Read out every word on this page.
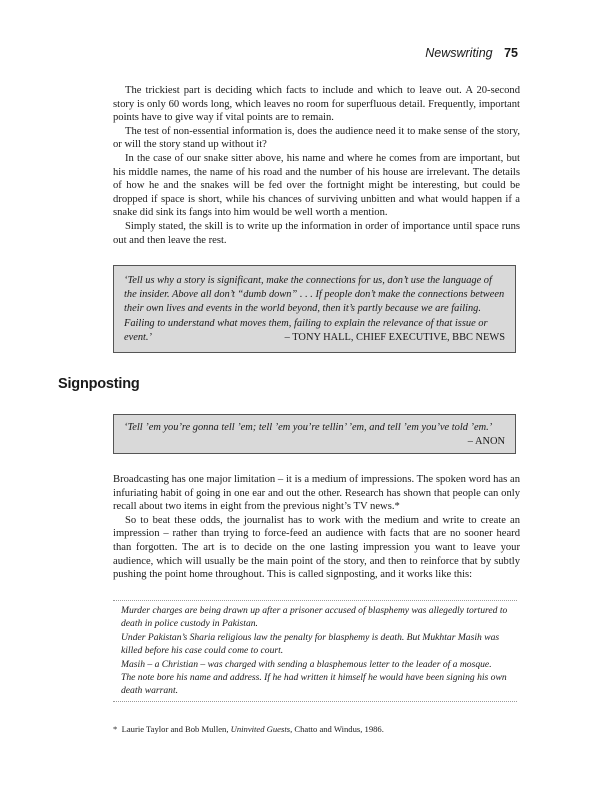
Newswriting 75

The trickiest part is deciding which facts to include and which to leave out. A 20-second story is only 60 words long, which leaves no room for superfluous detail. Frequently, important points have to give way if vital points are to remain.

The test of non-essential information is, does the audience need it to make sense of the story, or will the story stand up without it?

In the case of our snake sitter above, his name and where he comes from are important, but his middle names, the name of his road and the number of his house are irrelevant. The details of how he and the snakes will be fed over the fortnight might be interesting, but could be dropped if space is short, while his chances of surviving unbitten and what would happen if a snake did sink its fangs into him would be well worth a mention.

Simply stated, the skill is to write up the information in order of importance until space runs out and then leave the rest.

‘Tell us why a story is significant, make the connections for us, don’t use the language of the insider. Above all don’t “dumb down” . . . If people don’t make the connections between their own lives and events in the world beyond, then it’s partly because we are failing. Failing to understand what moves them, failing to explain the relevance of that issue or event.’	– TONY HALL, CHIEF EXECUTIVE, BBC NEWS
Signposting
‘Tell ’em you’re gonna tell ’em; tell ’em you’re tellin’ ’em, and tell ’em you’ve told ’em.’
– ANON

Broadcasting has one major limitation – it is a medium of impressions. The spoken word has an infuriating habit of going in one ear and out the other. Research has shown that people can only recall about two items in eight from the previous night’s TV news.*

So to beat these odds, the journalist has to work with the medium and write to create an impression – rather than trying to force-feed an audience with facts that are no sooner heard than forgotten. The art is to decide on the one lasting impression you want to leave your audience, which will usually be the main point of the story, and then to reinforce that by subtly pushing the point home throughout. This is called signposting, and it works like this:

Murder charges are being drawn up after a prisoner accused of blasphemy was allegedly tortured to death in police custody in Pakistan.

Under Pakistan’s Sharia religious law the penalty for blasphemy is death. But Mukhtar Masih was killed before his case could come to court.

Masih – a Christian – was charged with sending a blasphemous letter to the leader of a mosque.

The note bore his name and address. If he had written it himself he would have been signing his own death warrant.

* Laurie Taylor and Bob Mullen, Uninvited Guests, Chatto and Windus, 1986.
